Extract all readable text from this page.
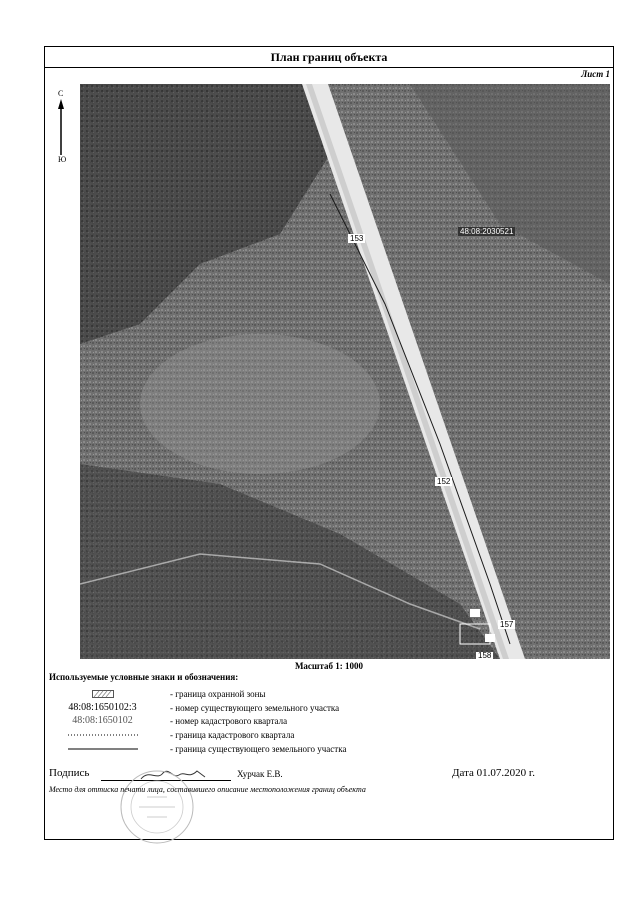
План границ объекта
Лист 1
С
Ю
153
152
157
158
48:08:2030521
Масштаб 1: 1000
Используемые условные знаки и обозначения:
- граница охранной зоны
48:08:1650102:3	- номер существующего земельного участка
48:08:1650102	- номер кадастрового квартала
- граница кадастрового квартала
- граница существующего земельного участка
Подпись	Хурчак Е.В.	Дата 01.07.2020 г.
Место для оттиска печати лица, составившего описание местоположения границ объекта
